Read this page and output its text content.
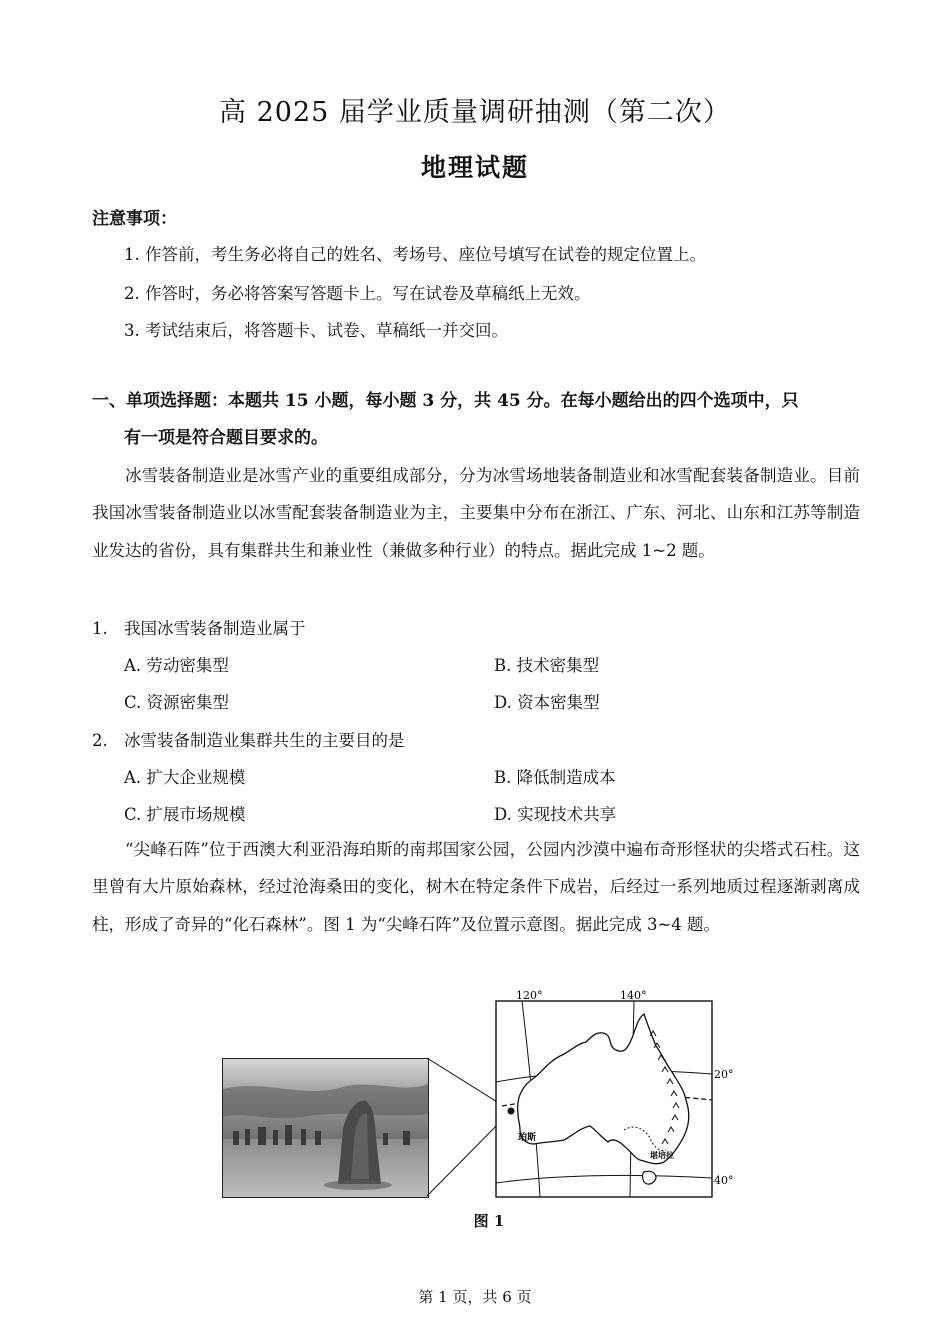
高 2025 届学业质量调研抽测（第二次）
地理试题
注意事项：
1. 作答前，考生务必将自己的姓名、考场号、座位号填写在试卷的规定位置上。
2. 作答时，务必将答案写答题卡上。写在试卷及草稿纸上无效。
3. 考试结束后，将答题卡、试卷、草稿纸一并交回。
一、单项选择题：本题共 15 小题，每小题 3 分，共 45 分。在每小题给出的四个选项中，只
有一项是符合题目要求的。
冰雪装备制造业是冰雪产业的重要组成部分，分为冰雪场地装备制造业和冰雪配套装备制造业。目前我国冰雪装备制造业以冰雪配套装备制造业为主，主要集中分布在浙江、广东、河北、山东和江苏等制造业发达的省份，具有集群共生和兼业性（兼做多种行业）的特点。据此完成 1~2 题。
1. 我国冰雪装备制造业属于
A. 劳动密集型	B. 技术密集型
C. 资源密集型	D. 资本密集型
2. 冰雪装备制造业集群共生的主要目的是
A. 扩大企业规模	B. 降低制造成本
C. 扩展市场规模	D. 实现技术共享
“尖峰石阵”位于西澳大利亚沿海珀斯的南邦国家公园，公园内沙漠中遍布奇形怪状的尖塔式石柱。这里曾有大片原始森林，经过沧海桑田的变化，树木在特定条件下成岩，后经过一系列地质过程逐渐剥离成柱，形成了奇异的“化石森林”。图 1 为“尖峰石阵”及位置示意图。据此完成 3~4 题。
120°	140°
20°
40°
珀斯
堪培拉
图 1
第 1 页，共 6 页
